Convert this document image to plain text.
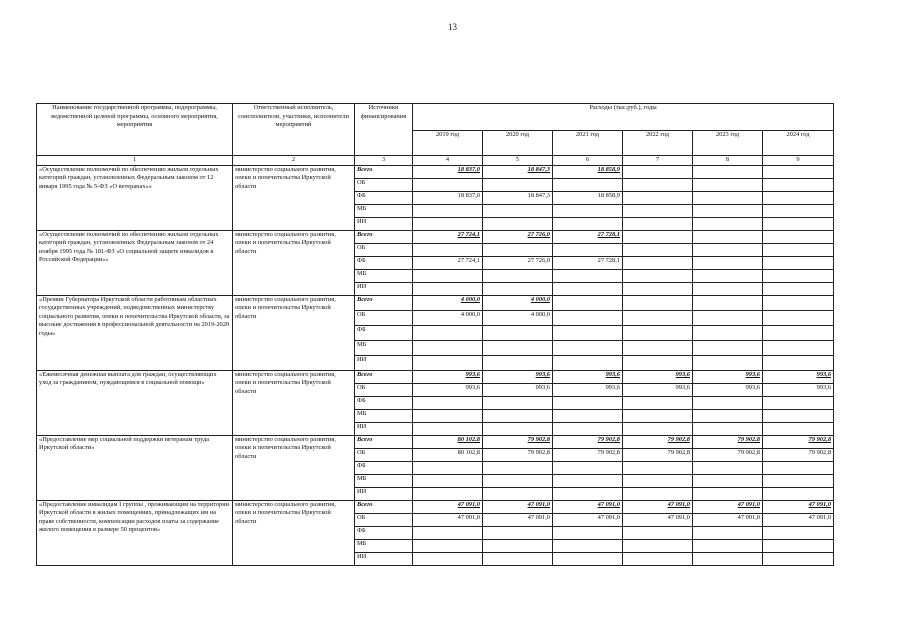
13
Наименование государственной программы, подпрограммы, ведомственной целевой программы, основного мероприятия, мероприятия	Ответственный исполнитель, соисполнители, участники, исполнители мероприятий	Источники финансирования	Расходы (тыс.руб.), годы					
			2019 год	2020 год	2021 год	2022 год	2023 год	2024 год
1	2	3	4	5	6	7	8	9
«Осуществление полномочий по обеспечению жильем отдельных категорий граждан, установленных Федеральным законом от 12 января 1995 года № 5-ФЗ «О ветеранах»»	министерство социального развития, опеки и попечительства Иркутской области	Всего	18 837,0	18 847,3	18 858,9			
		ОБ						
		ФБ	18 837,0	18 847,3	18 858,9			
		МБ						
		ИИ						
«Осуществление полномочий по обеспечению жильем отдельных категорий граждан, установленных Федеральным законом от 24 ноября 1995 года № 181-ФЗ «О социальной защите инвалидов в Российской Федерации»»	министерство социального развития, опеки и попечительства Иркутской области	Всего	27 724,1	27 726,0	27 728,1			
		ОБ						
		ФБ	27 724,1	27 726,0	27 728,1			
		МБ						
		ИИ						
«Премии Губернатора Иркутской области работникам областных государственных учреждений, подведомственных министерству социального развития, опеки и попечительства Иркутской области, за высокие достижения в профессиональной деятельности на 2019-2020 годы»	министерство социального развития, опеки и попечительства Иркутской области	Всего	4 000,0	4 000,0				
		ОБ	4 000,0	4 000,0				
		ФБ						
		МБ						
		ИИ						
«Ежемесячная денежная выплата для граждан, осуществляющих уход за гражданином, нуждающимся в социальной помощи»	министерство социального развития, опеки и попечительства Иркутской области	Всего	993,6	993,6	993,6	993,6	993,6	993,6
		ОБ	993,6	993,6	993,6	993,6	993,6	993,6
		ФБ						
		МБ						
		ИИ						
«Предоставление мер социальной поддержки ветеранам труда Иркутской области»	министерство социального развития, опеки и попечительства Иркутской области	Всего	80 102,8	79 902,8	79 902,8	79 902,8	79 902,8	79 902,8
		ОБ	80 102,8	79 902,8	79 902,8	79 902,8	79 902,8	79 902,8
		ФБ						
		МБ						
		ИИ						
«Предоставление инвалидам I группы , проживающим на территории Иркутской области в жилых помещениях, принадлежащих им на праве собственности, компенсации расходов платы за содержание жилого помещения в размере 50 процентов»	министерство социального развития, опеки и попечительства Иркутской области	Всего	47 091,0	47 091,0	47 091,0	47 091,0	47 091,0	47 091,0
		ОБ	47 091,0	47 091,0	47 091,0	47 091,0	47 091,0	47 091,0
		ФБ						
		МБ						
		ИИ						
